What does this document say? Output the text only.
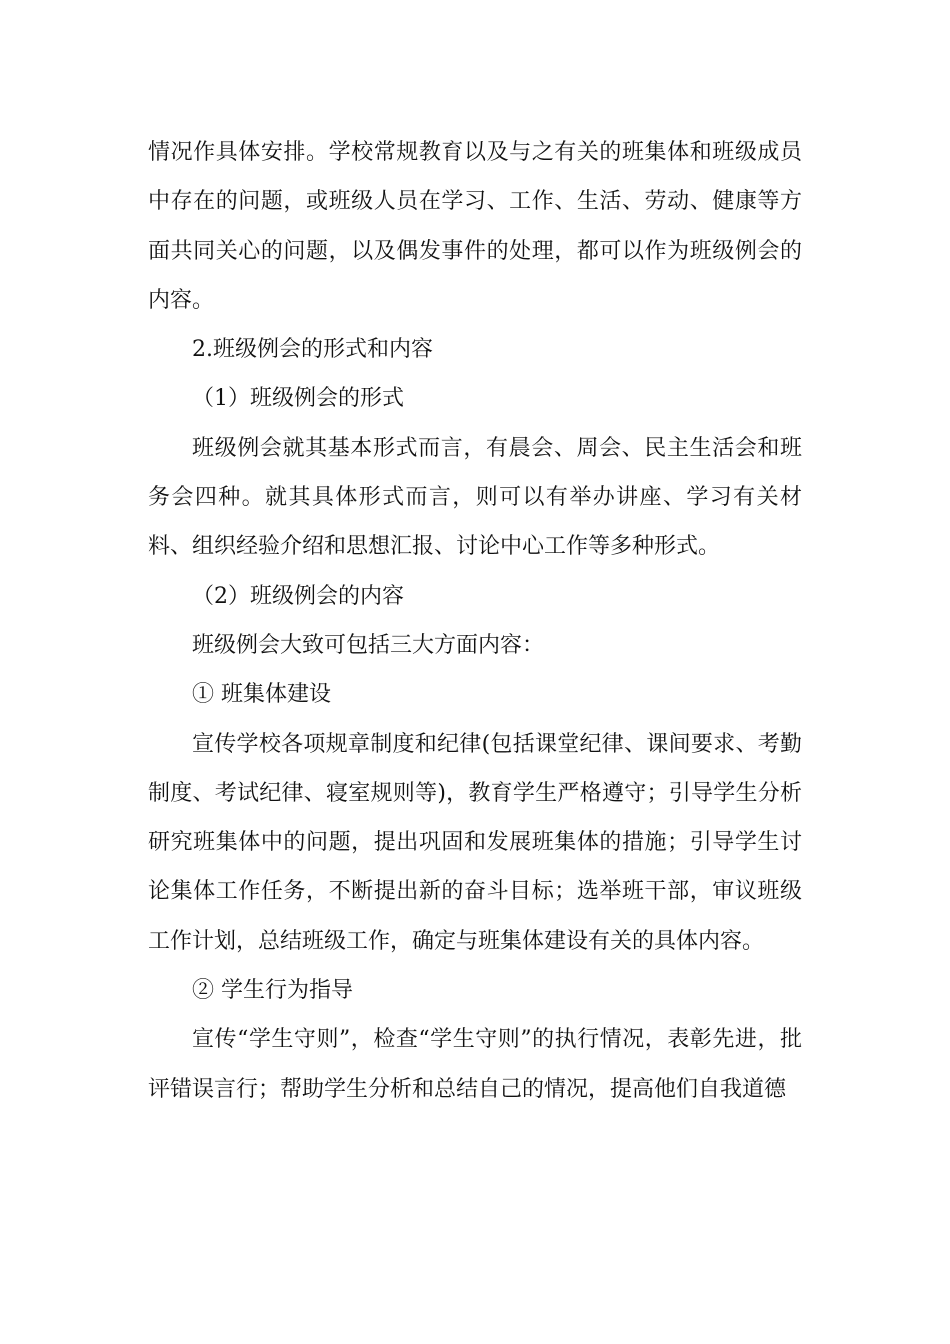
情况作具体安排。学校常规教育以及与之有关的班集体和班级成员中存在的问题，或班级人员在学习、工作、生活、劳动、健康等方面共同关心的问题，以及偶发事件的处理，都可以作为班级例会的内容。

2.班级例会的形式和内容

（1）班级例会的形式

班级例会就其基本形式而言，有晨会、周会、民主生活会和班务会四种。就其具体形式而言，则可以有举办讲座、学习有关材料、组织经验介绍和思想汇报、讨论中心工作等多种形式。

（2）班级例会的内容

班级例会大致可包括三大方面内容：

① 班集体建设

宣传学校各项规章制度和纪律(包括课堂纪律、课间要求、考勤制度、考试纪律、寝室规则等)，教育学生严格遵守；引导学生分析研究班集体中的问题，提出巩固和发展班集体的措施；引导学生讨论集体工作任务，不断提出新的奋斗目标；选举班干部，审议班级工作计划，总结班级工作，确定与班集体建设有关的具体内容。

② 学生行为指导

宣传“学生守则”，检查“学生守则”的执行情况，表彰先进，批评错误言行；帮助学生分析和总结自己的情况，提高他们自我道德
